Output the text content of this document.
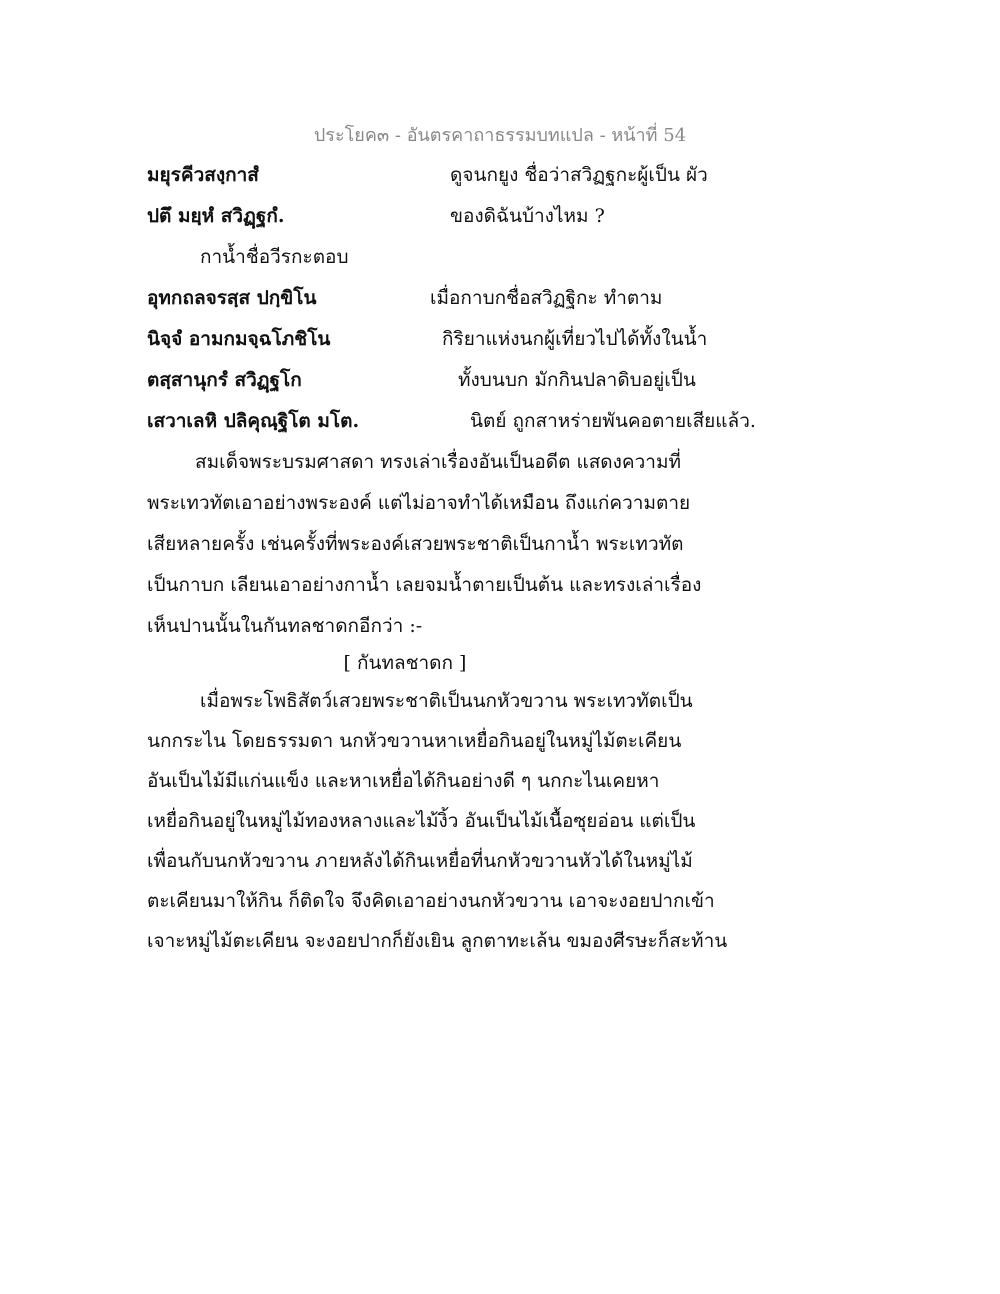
ประโยค๓ - อันตรคาถาธรรมบทแปล - หน้าที่ 54
มยุรคีวสงฺกาสํ	ดูจนกยูง ชื่อว่าสวิฏฐกะผู้เป็น ผัว
ปตึ มยฺหํ สวิฏฺฐกํ.	ของดิฉันบ้างไหม ?
กาน้ำชื่อวีรกะตอบ
อุทกถลจรสฺส ปกฺขิโน	เมื่อกาบกชื่อสวิฏฐิกะ ทำตาม
นิจฺจํ อามกมจฺฉโภชิโน	กิริยาแห่งนกผู้เที่ยวไปได้ทั้งในน้ำ
ตสฺสานุกรํ สวิฏฺฐโก	ทั้งบนบก มักกินปลาดิบอยู่เป็น
เสวาเลหิ ปลิคุณฺฐิโต มโต.	นิตย์ ถูกสาหร่ายพันคอตายเสียแล้ว.
สมเด็จพระบรมศาสดา ทรงเล่าเรื่องอันเป็นอดีต แสดงความที่
พระเทวทัตเอาอย่างพระองค์ แต่ไม่อาจทำได้เหมือน ถึงแก่ความตาย
เสียหลายครั้ง เช่นครั้งที่พระองค์เสวยพระชาติเป็นกาน้ำ พระเทวทัต
เป็นกาบก เลียนเอาอย่างกาน้ำ เลยจมน้ำตายเป็นต้น และทรงเล่าเรื่อง
เห็นปานนั้นในกันทลชาดกอีกว่า :-
[ กันทลชาดก ]
เมื่อพระโพธิสัตว์เสวยพระชาติเป็นนกหัวขวาน พระเทวทัตเป็น
นกกระไน โดยธรรมดา นกหัวขวานหาเหยื่อกินอยู่ในหมู่ไม้ตะเคียน
อันเป็นไม้มีแก่นแข็ง และหาเหยื่อได้กินอย่างดี ๆ นกกะไนเคยหา
เหยื่อกินอยู่ในหมู่ไม้ทองหลางและไม้งิ้ว อันเป็นไม้เนื้อซุยอ่อน แต่เป็น
เพื่อนกับนกหัวขวาน ภายหลังได้กินเหยื่อที่นกหัวขวานหัวได้ในหมู่ไม้
ตะเคียนมาให้กิน ก็ติดใจ จึงคิดเอาอย่างนกหัวขวาน เอาจะงอยปากเข้า
เจาะหมู่ไม้ตะเคียน จะงอยปากก็ยังเยิน ลูกตาทะเล้น ขมองศีรษะก็สะท้าน
